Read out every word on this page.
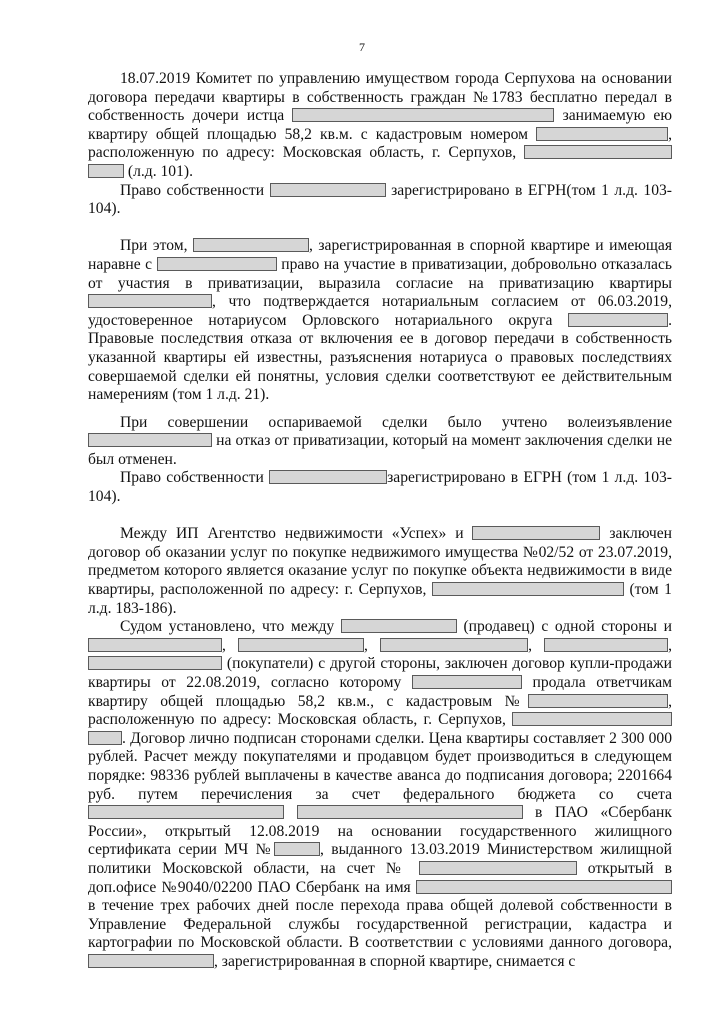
7

18.07.2019 Комитет по управлению имуществом города Серпухова на основании договора передачи квартиры в собственность граждан №1783 бесплатно передал в собственность дочери истца	занимаемую ею квартиру общей площадью 58,2 кв.м. с кадастровым номером	, расположенную по адресу: Московская область, г. Серпухов,   (л.д. 101).

Право собственности	зарегистрировано в ЕГРН(том 1 л.д. 103-104).

При этом,	, зарегистрированная в спорной квартире и имеющая наравне с	право на участие в приватизации, добровольно отказалась от участия в приватизации, выразила согласие на приватизацию квартиры , что подтверждается нотариальным согласием от 06.03.2019, удостоверенное нотариусом Орловского нотариального округа	. Правовые последствия отказа от включения ее в договор передачи в собственность указанной квартиры ей известны, разъяснения нотариуса о правовых последствиях совершаемой сделки ей понятны, условия сделки соответствуют ее действительным намерениям (том 1 л.д. 21).

При совершении оспариваемой сделки было учтено волеизъявление  на отказ от приватизации, который на момент заключения сделки не был отменен.

Право собственности	зарегистрировано в ЕГРН (том 1 л.д. 103-104).

Между ИП Агентство недвижимости «Успех» и	заключен договор об оказании услуг по покупке недвижимого имущества №02/52 от 23.07.2019, предметом которого является оказание услуг по покупке объекта недвижимости в виде квартиры, расположенной по адресу: г. Серпухов,	(том 1 л.д. 183-186).

Судом установлено, что между	(продавец) с одной стороны и ,	,	,	,  (покупатели) с другой стороны, заключен договор купли-продажи квартиры от 22.08.2019, согласно которому	продала ответчикам квартиру общей площадью 58,2 кв.м., с кадастровым №	, расположенную по адресу: Московская область, г. Серпухов,  . Договор лично подписан сторонами сделки. Цена квартиры составляет 2 300 000 рублей. Расчет между покупателями и продавцом будет производиться в следующем порядке: 98336 рублей выплачены в качестве аванса до подписания договора; 2201664 руб. путем перечисления за счет федерального бюджета со счета   в ПАО «Сбербанк России», открытый 12.08.2019 на основании государственного жилищного сертификата серии МЧ №	, выданного 13.03.2019 Министерством жилищной политики Московской области, на счет №	открытый в доп.офисе №9040/02200 ПАО Сбербанк на имя  в течение трех рабочих дней после перехода права общей долевой собственности в Управление Федеральной службы государственной регистрации, кадастра и картографии по Московской области. В соответствии с условиями данного договора, , зарегистрированная в спорной квартире, снимается с
